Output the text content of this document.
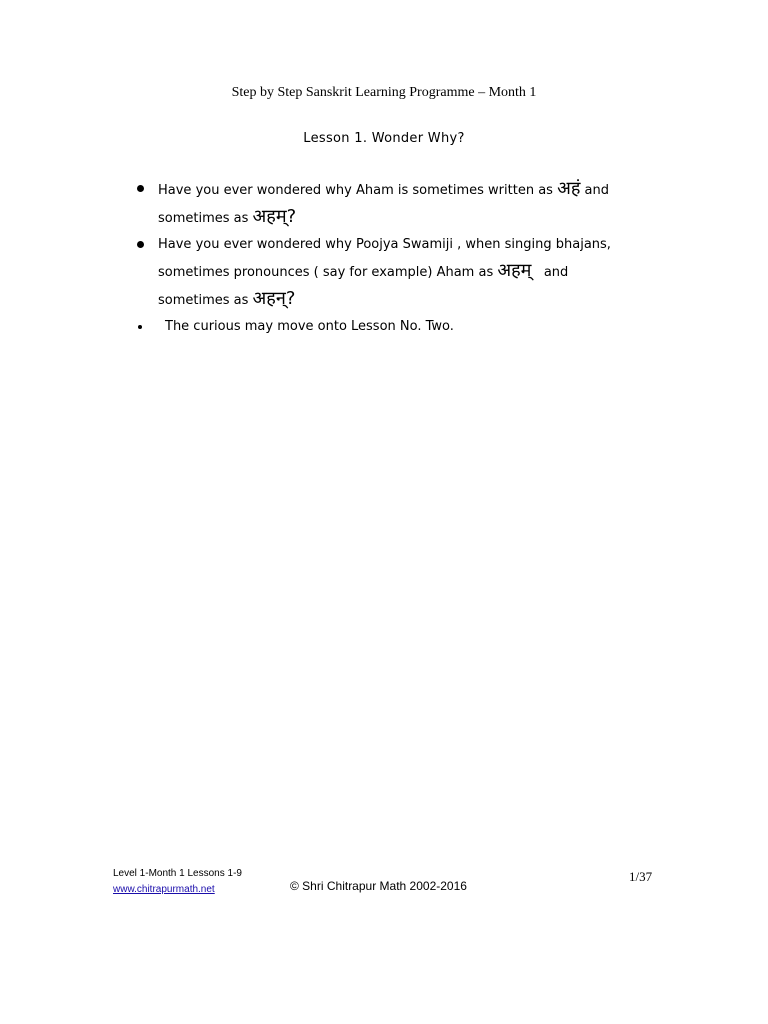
Step by Step Sanskrit Learning Programme – Month 1
Lesson 1. Wonder Why?
Have you ever wondered why Aham is sometimes written as अहं and
sometimes as अहम्?
Have you ever wondered why Poojya Swamiji , when singing bhajans,
sometimes pronounces ( say for example) Aham as अहम्   and
sometimes as अहन्?
The curious may move onto Lesson No. Two.
Level 1-Month 1 Lessons 1-9
www.chitrapurmath.net	© Shri Chitrapur Math 2002-2016
1/37
